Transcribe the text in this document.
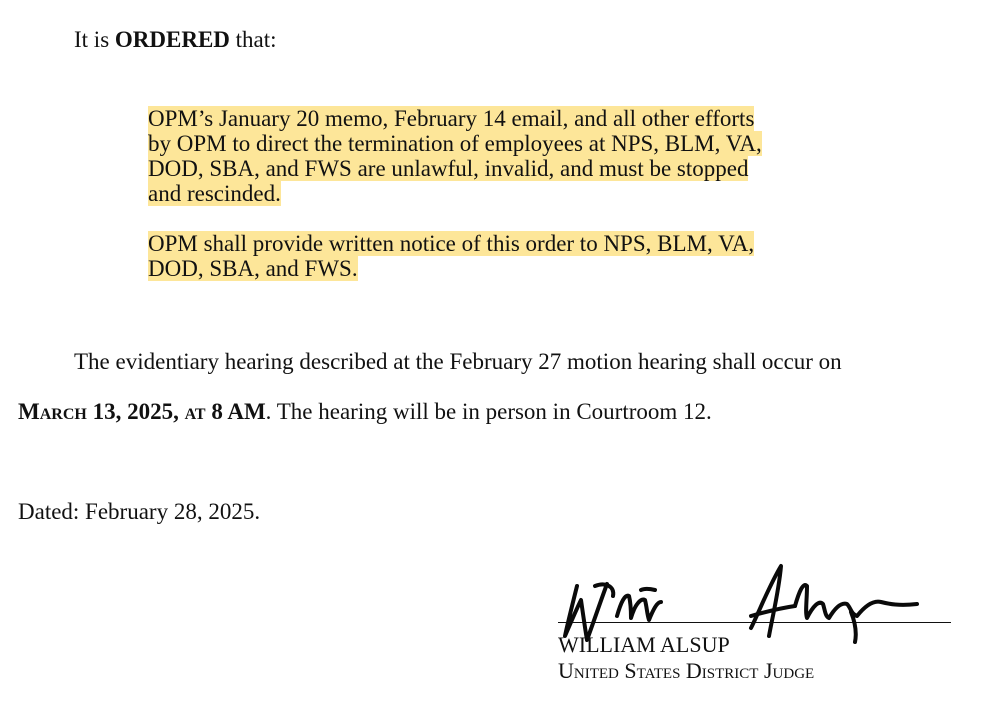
It is ORDERED that:
OPM’s January 20 memo, February 14 email, and all other efforts
by OPM to direct the termination of employees at NPS, BLM, VA,
DOD, SBA, and FWS are unlawful, invalid, and must be stopped
and rescinded.
OPM shall provide written notice of this order to NPS, BLM, VA,
DOD, SBA, and FWS.
The evidentiary hearing described at the February 27 motion hearing shall occur on
March 13, 2025, at 8 AM. The hearing will be in person in Courtroom 12.
Dated: February 28, 2025.
WILLIAM ALSUP
United States District Judge
